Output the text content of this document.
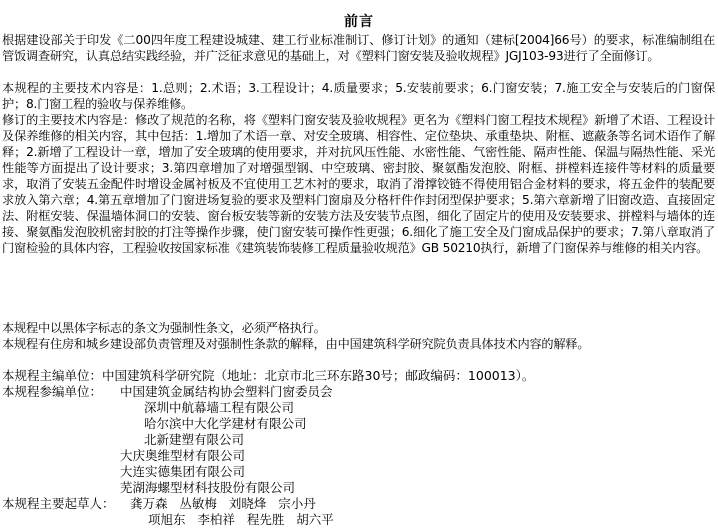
前言
根据建设部关于印发《二00四年度工程建设城建、建工行业标准制订、修订计划》的通知（建标[2004]66号）的要求，标准编制组在管饭调查研究，认真总结实践经验，并广泛征求意见的基础上，对《塑料门窗安装及验收规程》JGJ103-93进行了全面修订。
本规程的主要技术内容是：1.总则；2.术语；3.工程设计；4.质量要求；5.安装前要求；6.门窗安装；7.施工安全与安装后的门窗保护；8.门窗工程的验收与保养维修。
修订的主要技术内容是：修改了规范的名称，将《塑料门窗安装及验收规程》更名为《塑料门窗工程技术规程》新增了术语、工程设计及保养维修的相关内容，其中包括：1.增加了术语一章、对安全玻璃、相容性、定位垫块、承重垫块、附框、遮蔽条等名词术语作了解释；2.新增了工程设计一章，增加了安全玻璃的使用要求，并对抗风压性能、水密性能、气密性能、隔声性能、保温与隔热性能、采光性能等方面提出了设计要求；3.第四章增加了对增强型钢、中空玻璃、密封胶、聚氨酯发泡胶、附框、拼樘料连接件等材料的质量要求，取消了安装五金配件时增设金属衬板及不宜使用工艺木衬的要求，取消了滑撑铰链不得使用铝合金材料的要求，将五金件的装配要求放入第六章；4.第五章增加了门窗进场复验的要求及塑料门窗扇及分格杆件作封闭型保护要求；5.第六章新增了旧窗改造、直接固定法、附框安装、保温墙体洞口的安装、窗台板安装等新的安装方法及安装节点图，细化了固定片的使用及安装要求、拼樘料与墙体的连接、聚氨酯发泡胶机密封胶的打注等操作步骤，使门窗安装可操作性更强；6.细化了施工安全及门窗成品保护的要求；7.第八章取消了门窗检验的具体内容，工程验收按国家标准《建筑装饰装修工程质量验收规范》GB 50210执行，新增了门窗保养与维修的相关内容。
本规程中以黑体字标志的条文为强制性条文，必须严格执行。
本规程有住房和城乡建设部负责管理及对强制性条款的解释，由中国建筑科学研究院负责具体技术内容的解释。
本规程主编单位：中国建筑科学研究院（地址：北京市北三环东路30号；邮政编码：100013）。
本规程参编单位： 中国建筑金属结构协会塑料门窗委员会
深圳中航幕墙工程有限公司
哈尔滨中大化学建材有限公司
北新建塑有限公司
大庆奥维型材有限公司
大连实德集团有限公司
芜湖海螺型材科技股份有限公司
本规程主要起草人： 龚万森   丛敏梅   刘晓烽   宗小丹
项旭东   李柏祥   程先胜   胡六平
